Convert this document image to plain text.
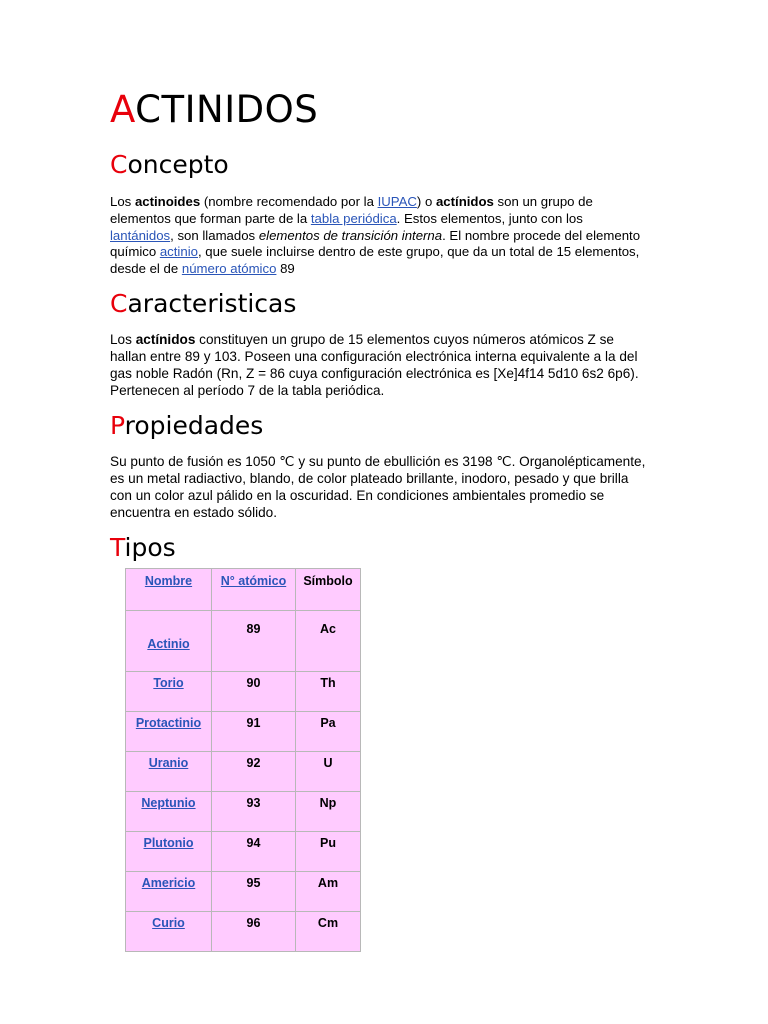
ACTINIDOS
Concepto

Los actinoides (nombre recomendado por la IUPAC) o actínidos son un grupo de elementos que forman parte de la tabla periódica. Estos elementos, junto con los lantánidos, son llamados elementos de transición interna. El nombre procede del elemento químico actinio, que suele incluirse dentro de este grupo, que da un total de 15 elementos, desde el de número atómico 89

Caracteristicas

Los actínidos constituyen un grupo de 15 elementos cuyos números atómicos Z se hallan entre 89 y 103. Poseen una configuración electrónica interna equivalente a la del gas noble Radón (Rn, Z = 86 cuya configuración electrónica es [Xe]4f14 5d10 6s2 6p6). Pertenecen al período 7 de la tabla periódica.

Propiedades

Su punto de fusión es 1050 ℃ y su punto de ebullición es 3198 ℃. Organolépticamente, es un metal radiactivo, blando, de color plateado brillante, inodoro, pesado y que brilla con un color azul pálido en la oscuridad. En condiciones ambientales promedio se encuentra en estado sólido.

Tipos
Nombre	N° atómico	Símbolo
Actinio	89	Ac
Torio	90	Th
Protactinio	91	Pa
Uranio	92	U
Neptunio	93	Np
Plutonio	94	Pu
Americio	95	Am
Curio	96	Cm
